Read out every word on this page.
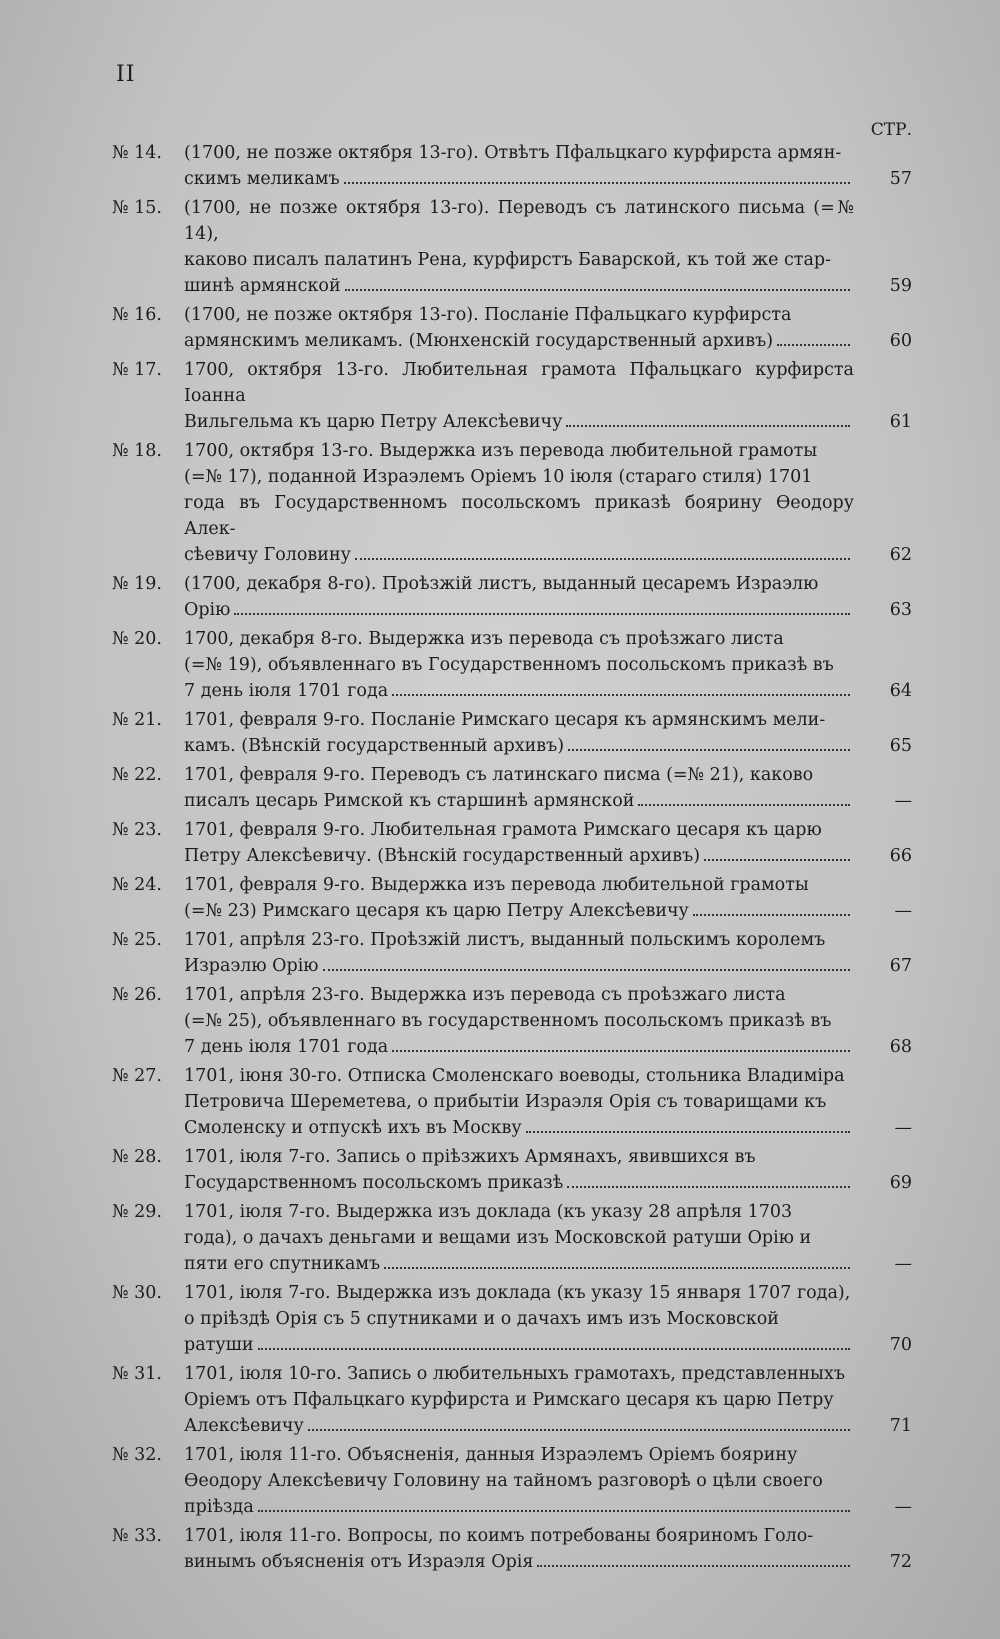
II
СТР.
№ 14.	(1700, не позже октября 13-го). Отвѣтъ Пфальцкаго курфирста армян-
скимъ меликамъ	57
№ 15.	(1700, не позже октября 13-го). Переводъ съ латинского письма (=№ 14),
каково писалъ палатинъ Рена, курфирстъ Баварской, къ той же стар-
шинѣ армянской	59
№ 16.	(1700, не позже октября 13-го). Посланіе Пфальцкаго курфирста
армянскимъ меликамъ. (Мюнхенскій государственный архивъ)	60
№ 17.	1700, октября 13-го. Любительная грамота Пфальцкаго курфирста Іоанна
Вильгельма къ царю Петру Алексѣевичу	61
№ 18.	1700, октября 13-го. Выдержка изъ перевода любительной грамоты
(=№ 17), поданной Израэлемъ Оріемъ 10 іюля (стараго стиля) 1701
года въ Государственномъ посольскомъ приказѣ боярину Ѳеодору Алек-
сѣевичу Головину	62
№ 19.	(1700, декабря 8-го). Проѣзжій листъ, выданный цесаремъ Израэлю
Орію	63
№ 20.	1700, декабря 8-го. Выдержка изъ перевода съ проѣзжаго листа
(=№ 19), объявленнаго въ Государственномъ посольскомъ приказѣ въ
7 день іюля 1701 года	64
№ 21.	1701, февраля 9-го. Посланіе Римскаго цесаря къ армянскимъ мели-
камъ. (Вѣнскій государственный архивъ)	65
№ 22.	1701, февраля 9-го. Переводъ съ латинскаго писма (=№ 21), каково
писалъ цесарь Римской къ старшинѣ армянской	—
№ 23.	1701, февраля 9-го. Любительная грамота Римскаго цесаря къ царю
Петру Алексѣевичу. (Вѣнскій государственный архивъ)	66
№ 24.	1701, февраля 9-го. Выдержка изъ перевода любительной грамоты
(=№ 23) Римскаго цесаря къ царю Петру Алексѣевичу	—
№ 25.	1701, апрѣля 23-го. Проѣзжій листъ, выданный польскимъ королемъ
Израэлю Орію	67
№ 26.	1701, апрѣля 23-го. Выдержка изъ перевода съ проѣзжаго листа
(=№ 25), объявленнаго въ государственномъ посольскомъ приказѣ въ
7 день іюля 1701 года	68
№ 27.	1701, іюня 30-го. Отписка Смоленскаго воеводы, стольника Владиміра
Петровича Шереметева, о прибытіи Израэля Орія съ товарищами къ
Смоленску и отпускѣ ихъ въ Москву	—
№ 28.	1701, іюля 7-го. Запись о пріѣзжихъ Армянахъ, явившихся въ
Государственномъ посольскомъ приказѣ	69
№ 29.	1701, іюля 7-го. Выдержка изъ доклада (къ указу 28 апрѣля 1703
года), о дачахъ деньгами и вещами изъ Московской ратуши Орію и
пяти его спутникамъ	—
№ 30.	1701, іюля 7-го. Выдержка изъ доклада (къ указу 15 января 1707 года),
о пріѣздѣ Орія съ 5 спутниками и о дачахъ имъ изъ Московской
ратуши	70
№ 31.	1701, іюля 10-го. Запись о любительныхъ грамотахъ, представленныхъ
Оріемъ отъ Пфальцкаго курфирста и Римскаго цесаря къ царю Петру
Алексѣевичу	71
№ 32.	1701, іюля 11-го. Объясненія, данныя Израэлемъ Оріемъ боярину
Ѳеодору Алексѣевичу Головину на тайномъ разговорѣ о цѣли своего
пріѣзда	—
№ 33.	1701, іюля 11-го. Вопросы, по коимъ потребованы бояриномъ Голо-
винымъ объясненія отъ Израэля Орія	72
